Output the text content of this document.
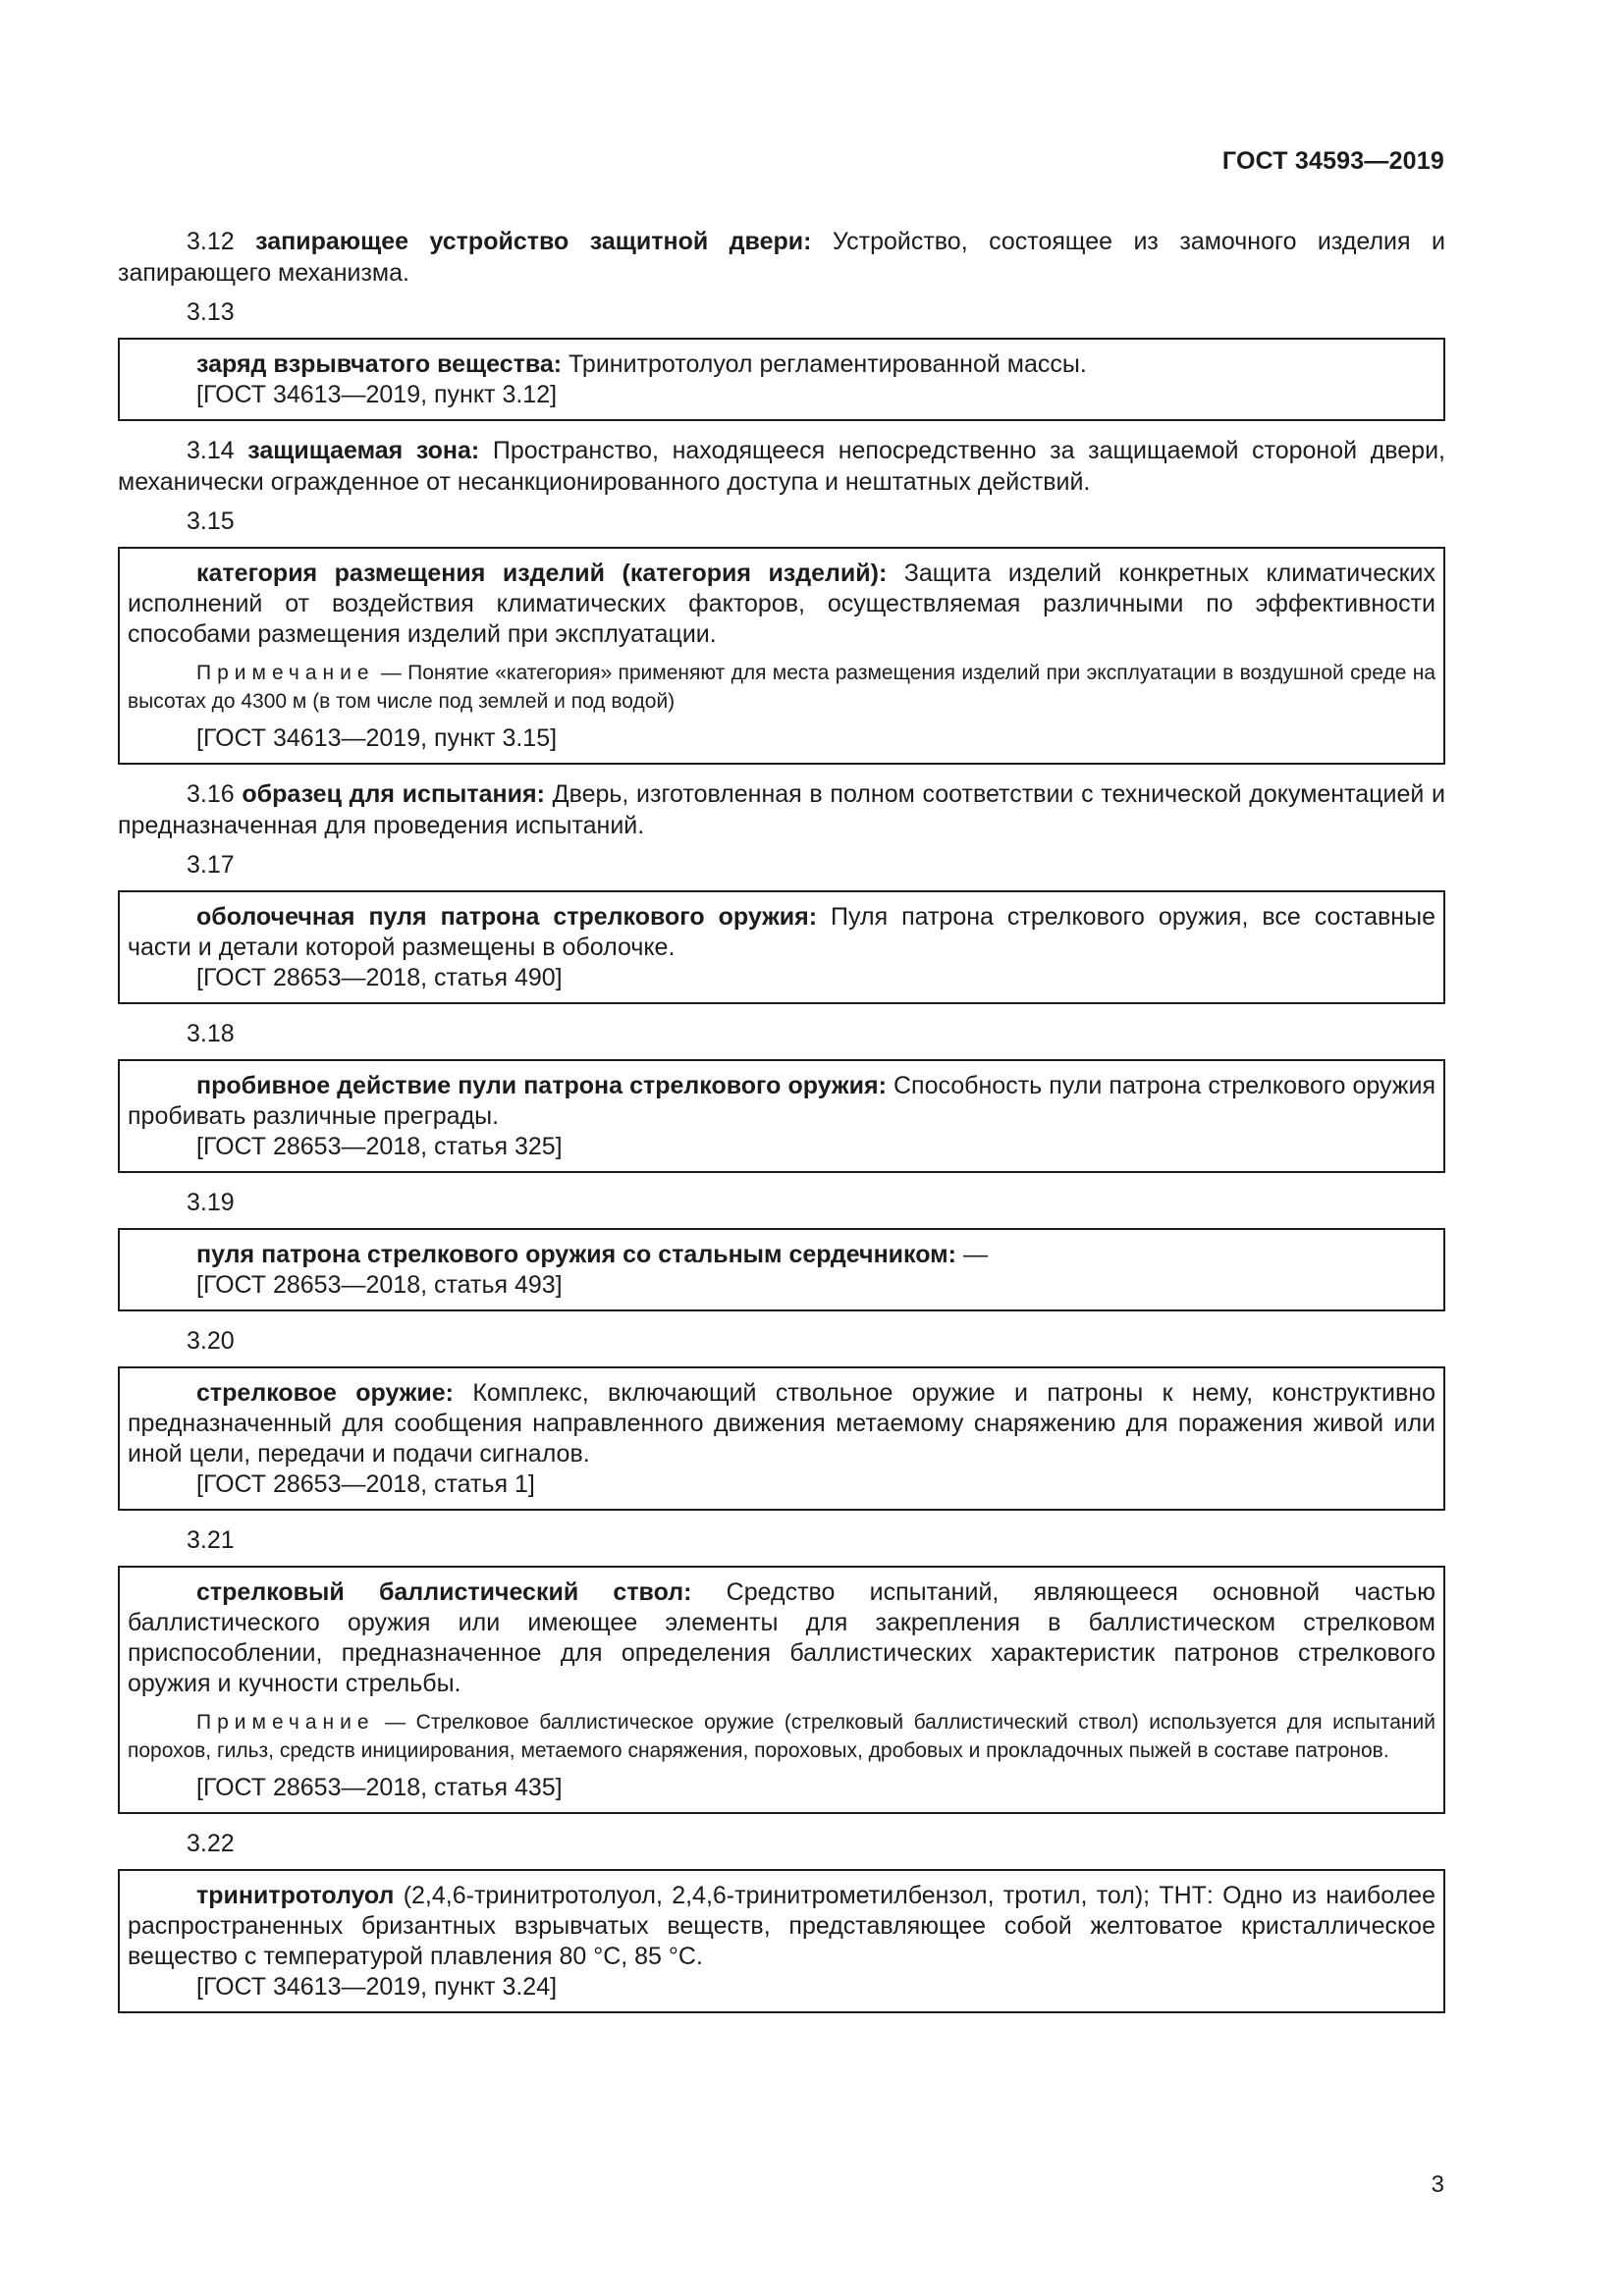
ГОСТ 34593—2019

3.12 запирающее устройство защитной двери: Устройство, состоящее из замочного изделия и запирающего механизма.

3.13

заряд взрывчатого вещества: Тринитротолуол регламентированной массы.

[ГОСТ 34613—2019, пункт 3.12]

3.14 защищаемая зона: Пространство, находящееся непосредственно за защищаемой стороной двери, механически огражденное от несанкционированного доступа и нештатных действий.

3.15

категория размещения изделий (категория изделий): Защита изделий конкретных климатических исполнений от воздействия климатических факторов, осуществляемая различными по эффективности способами размещения изделий при эксплуатации.

Примечание — Понятие «категория» применяют для места размещения изделий при эксплуатации в воздушной среде на высотах до 4300 м (в том числе под землей и под водой)

[ГОСТ 34613—2019, пункт 3.15]

3.16 образец для испытания: Дверь, изготовленная в полном соответствии с технической документацией и предназначенная для проведения испытаний.

3.17

оболочечная пуля патрона стрелкового оружия: Пуля патрона стрелкового оружия, все составные части и детали которой размещены в оболочке.

[ГОСТ 28653—2018, статья 490]

3.18

пробивное действие пули патрона стрелкового оружия: Способность пули патрона стрелкового оружия пробивать различные преграды.

[ГОСТ 28653—2018, статья 325]

3.19

пуля патрона стрелкового оружия со стальным сердечником: —

[ГОСТ 28653—2018, статья 493]

3.20

стрелковое оружие: Комплекс, включающий ствольное оружие и патроны к нему, конструктивно предназначенный для сообщения направленного движения метаемому снаряжению для поражения живой или иной цели, передачи и подачи сигналов.

[ГОСТ 28653—2018, статья 1]

3.21

стрелковый баллистический ствол: Средство испытаний, являющееся основной частью баллистического оружия или имеющее элементы для закрепления в баллистическом стрелковом приспособлении, предназначенное для определения баллистических характеристик патронов стрелкового оружия и кучности стрельбы.

Примечание — Стрелковое баллистическое оружие (стрелковый баллистический ствол) используется для испытаний порохов, гильз, средств инициирования, метаемого снаряжения, пороховых, дробовых и прокладочных пыжей в составе патронов.

[ГОСТ 28653—2018, статья 435]

3.22

тринитротолуол (2,4,6-тринитротолуол, 2,4,6-тринитрометилбензол, тротил, тол); ТНТ: Одно из наиболее распространенных бризантных взрывчатых веществ, представляющее собой желтоватое кристаллическое вещество с температурой плавления 80 °С, 85 °С.

[ГОСТ 34613—2019, пункт 3.24]

3
